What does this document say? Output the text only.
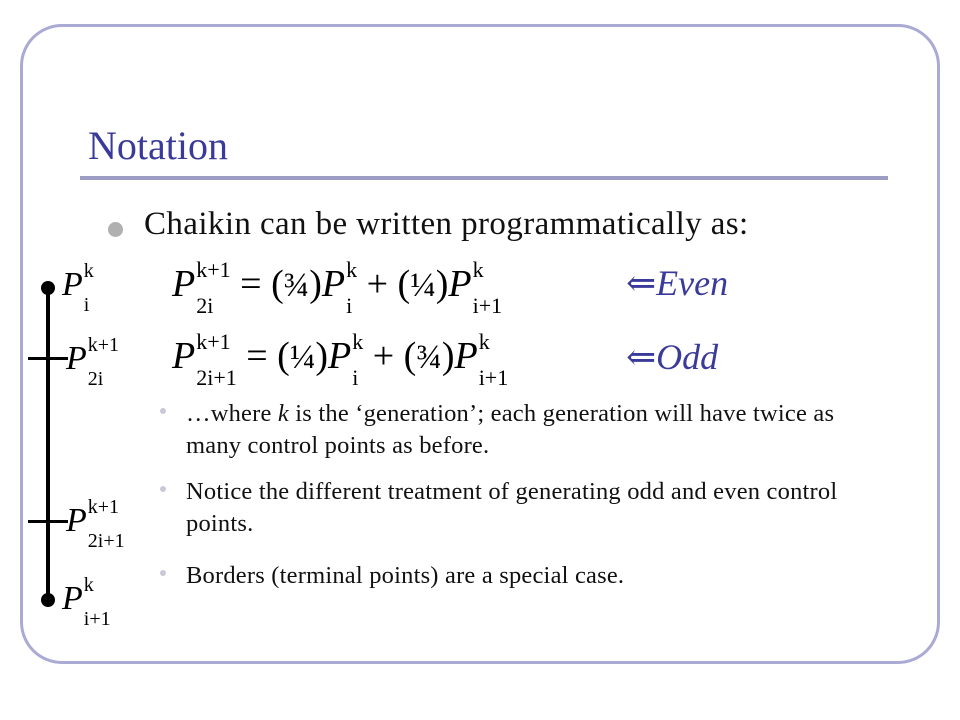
Notation
Chaikin can be written programmatically as:
P k+1
2i
= (¾)P k
i
+ (¼)P k
i+1
⇐Even
P k+1
2i+1
= (¼)P k
i
+ (¾)P k
i+1
⇐Odd
…where k is the ‘generation’; each generation will have twice as many control points as before.
Notice the different treatment of generating odd and even control points.
Borders (terminal points) are a special case.
P k
i
P k+1
2i
P k+1
2i+1
P k
i+1
